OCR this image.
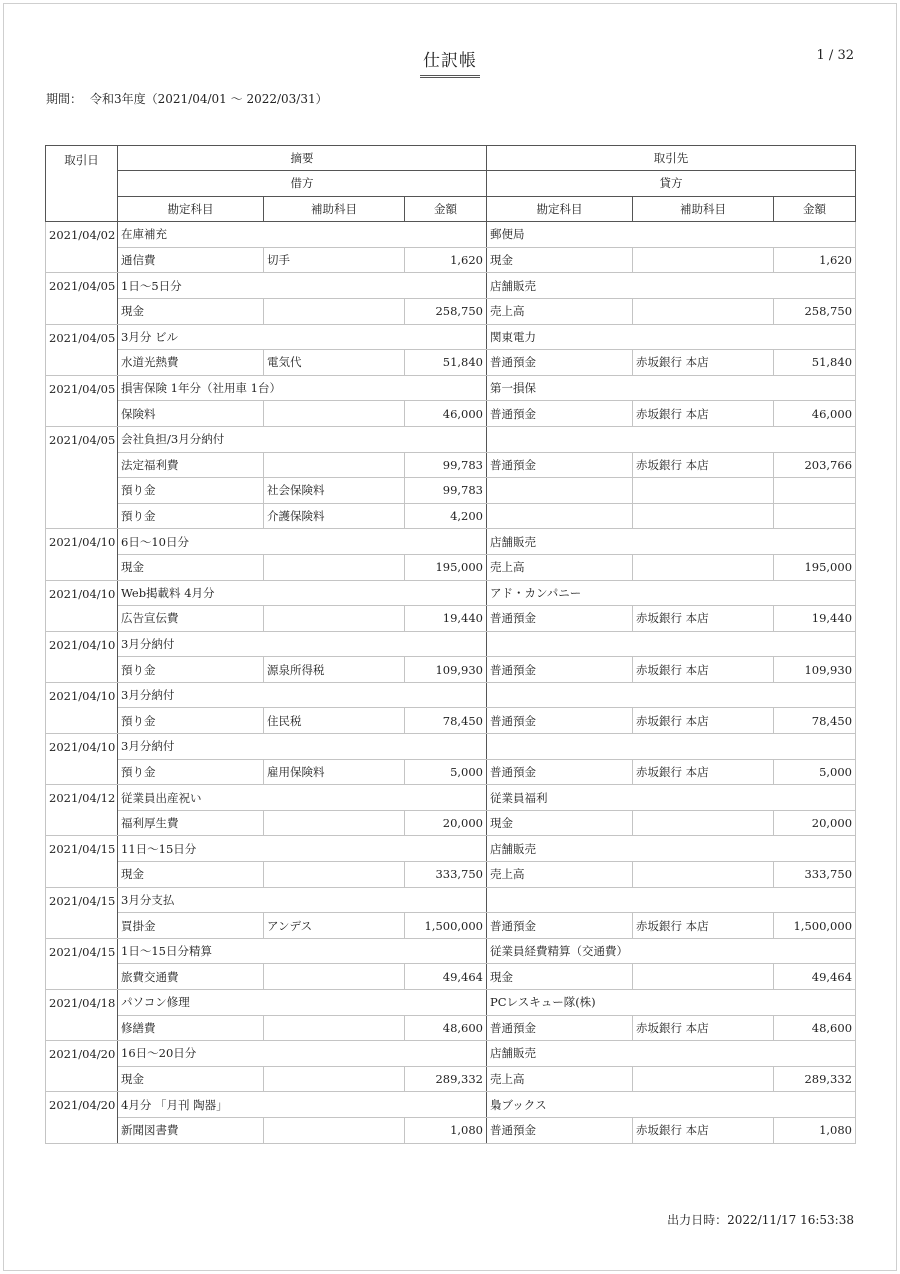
仕訳帳	1 / 32
期間： 令和3年度（2021/04/01 〜 2022/03/31）
取引日	摘要			取引先		
	借方			貸方		
	勘定科目	補助科目	金額	勘定科目	補助科目	金額
2021/04/02	在庫補充			郵便局		
	通信費	切手	1,620	現金		1,620
2021/04/05	1日～5日分			店舗販売		
	現金		258,750	売上高		258,750
2021/04/05	3月分 ビル			関東電力		
	水道光熱費	電気代	51,840	普通預金	赤坂銀行 本店	51,840
2021/04/05	損害保険 1年分（社用車 1台）			第一損保		
	保険料		46,000	普通預金	赤坂銀行 本店	46,000
2021/04/05	会社負担/3月分納付					
	法定福利費		99,783	普通預金	赤坂銀行 本店	203,766
	預り金	社会保険料	99,783			
	預り金	介護保険料	4,200			
2021/04/10	6日～10日分			店舗販売		
	現金		195,000	売上高		195,000
2021/04/10	Web掲載料 4月分			アド・カンパニー		
	広告宣伝費		19,440	普通預金	赤坂銀行 本店	19,440
2021/04/10	3月分納付					
	預り金	源泉所得税	109,930	普通預金	赤坂銀行 本店	109,930
2021/04/10	3月分納付					
	預り金	住民税	78,450	普通預金	赤坂銀行 本店	78,450
2021/04/10	3月分納付					
	預り金	雇用保険料	5,000	普通預金	赤坂銀行 本店	5,000
2021/04/12	従業員出産祝い			従業員福利		
	福利厚生費		20,000	現金		20,000
2021/04/15	11日～15日分			店舗販売		
	現金		333,750	売上高		333,750
2021/04/15	3月分支払					
	買掛金	アンデス	1,500,000	普通預金	赤坂銀行 本店	1,500,000
2021/04/15	1日～15日分精算			従業員経費精算（交通費）		
	旅費交通費		49,464	現金		49,464
2021/04/18	パソコン修理			PCレスキュー隊(株)		
	修繕費		48,600	普通預金	赤坂銀行 本店	48,600
2021/04/20	16日～20日分			店舗販売		
	現金		289,332	売上高		289,332
2021/04/20	4月分 「月刊 陶器」			梟ブックス		
	新聞図書費		1,080	普通預金	赤坂銀行 本店	1,080
出力日時：2022/11/17 16:53:38
